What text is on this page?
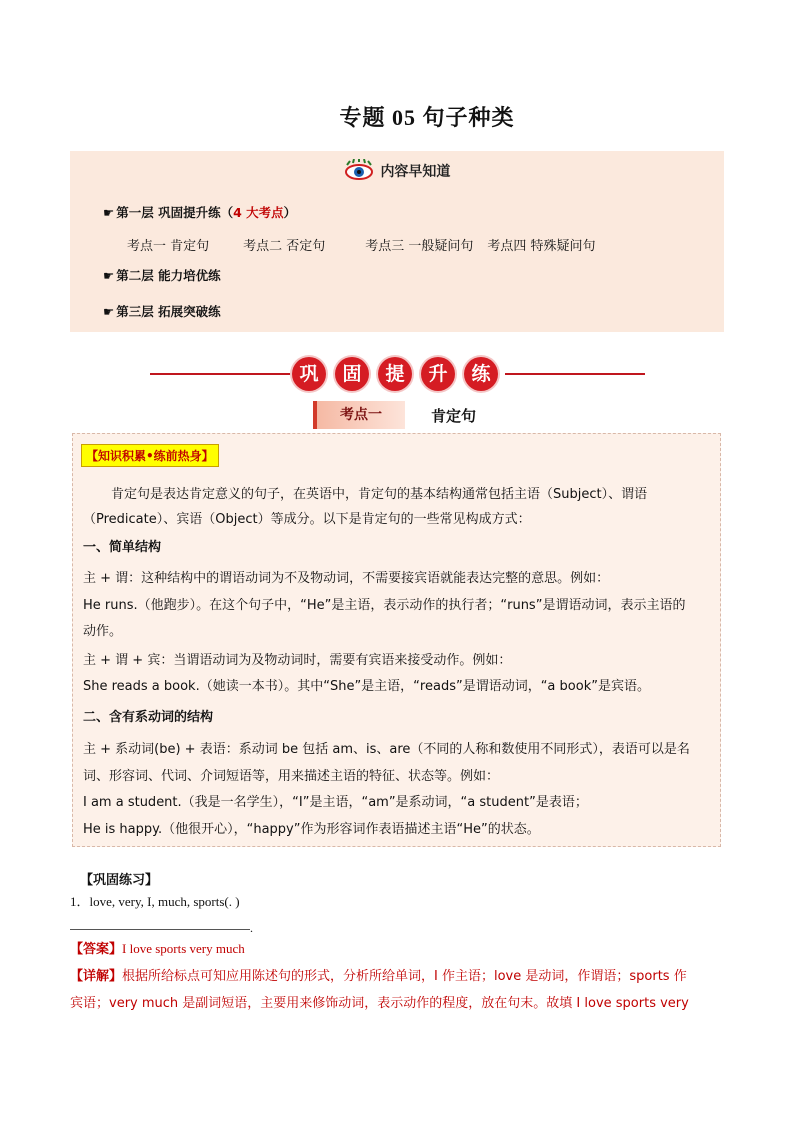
专题 05 句子种类
内容早知道
☛ 第一层 巩固提升练（4 大考点）
考点一 肯定句	考点二 否定句	考点三 一般疑问句 考点四 特殊疑问句
☛ 第二层 能力培优练
☛ 第三层 拓展突破练
巩	固	提	升	练
考点一	肯定句
【知识积累•练前热身】
肯定句是表达肯定意义的句子，在英语中，肯定句的基本结构通常包括主语（Subject）、谓语
（Predicate）、宾语（Object）等成分。以下是肯定句的一些常见构成方式：
一、简单结构
主 + 谓：这种结构中的谓语动词为不及物动词，不需要接宾语就能表达完整的意思。例如：
He runs.（他跑步）。在这个句子中，“He”是主语，表示动作的执行者；“runs”是谓语动词，表示主语的
动作。
主 + 谓 + 宾：当谓语动词为及物动词时，需要有宾语来接受动作。例如：
She reads a book.（她读一本书）。其中“She”是主语，“reads”是谓语动词，“a book”是宾语。
二、含有系动词的结构
主 + 系动词(be) + 表语：系动词 be 包括 am、is、are（不同的人称和数使用不同形式），表语可以是名
词、形容词、代词、介词短语等，用来描述主语的特征、状态等。例如：
I am a student.（我是一名学生），“I”是主语，“am”是系动词，“a student”是表语；
He is happy.（他很开心），“happy”作为形容词作表语描述主语“He”的状态。
【巩固练习】
1．love, very, I, much, sports(. )
.
【答案】I love sports very much
【详解】根据所给标点可知应用陈述句的形式，分析所给单词，I 作主语；love 是动词，作谓语；sports 作
宾语；very much 是副词短语，主要用来修饰动词，表示动作的程度，放在句末。故填 I love sports very
